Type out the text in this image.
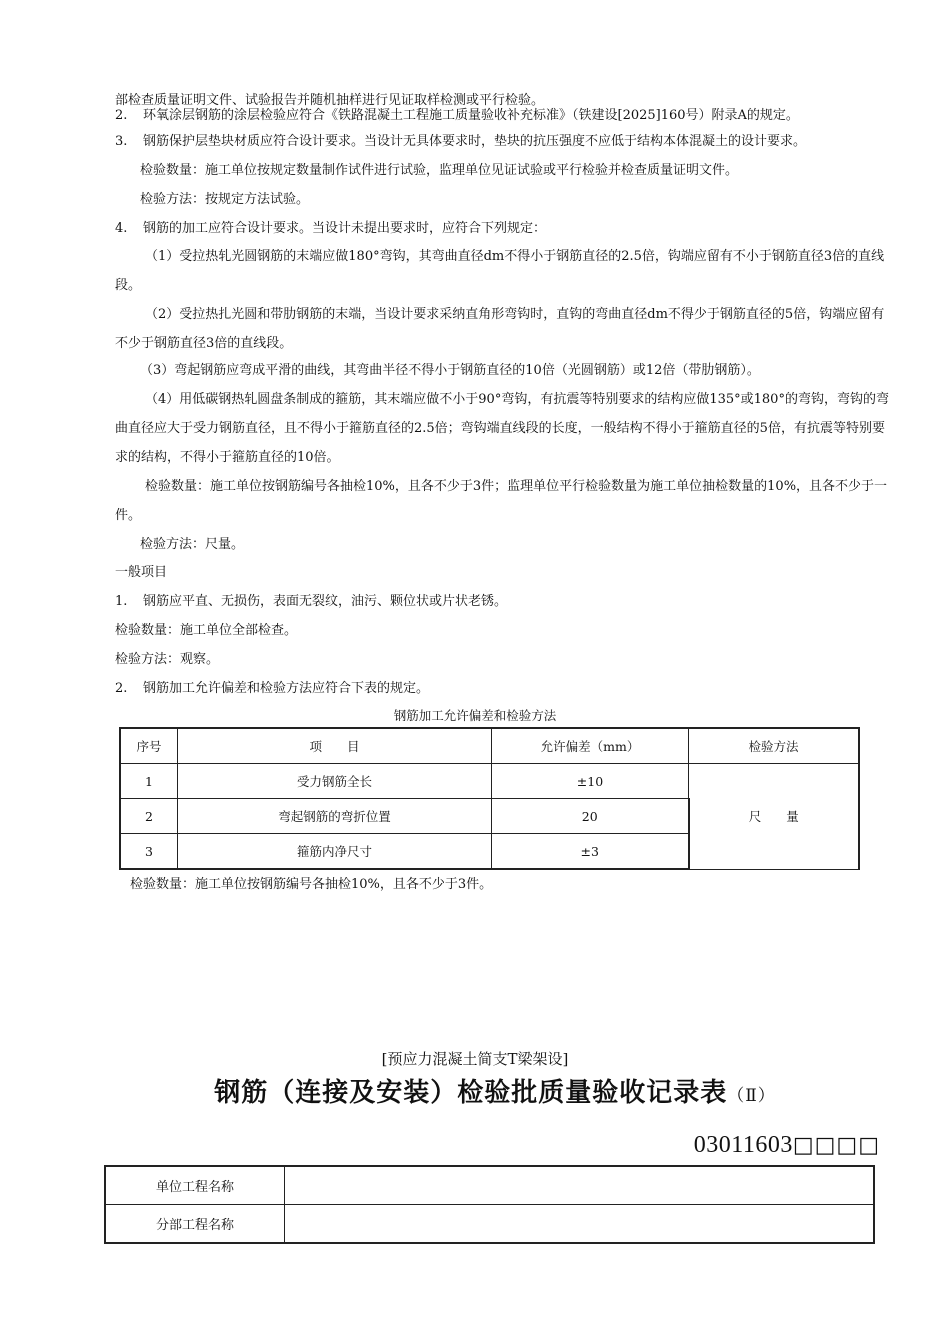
部检查质量证明文件、试验报告并随机抽样进行见证取样检测或平行检验。
2. 环氧涂层钢筋的涂层检验应符合《铁路混凝土工程施工质量验收补充标准》（铁建设[2025]160号）附录A的规定。
3. 钢筋保护层垫块材质应符合设计要求。当设计无具体要求时，垫块的抗压强度不应低于结构本体混凝土的设计要求。
检验数量：施工单位按规定数量制作试件进行试验，监理单位见证试验或平行检验并检查质量证明文件。
检验方法：按规定方法试验。
4. 钢筋的加工应符合设计要求。当设计未提出要求时，应符合下列规定：
（1）受拉热轧光圆钢筋的末端应做180°弯钩，其弯曲直径dm不得小于钢筋直径的2.5倍，钩端应留有不小于钢筋直径3倍的直线段。
（2）受拉热扎光圆和带肋钢筋的末端，当设计要求采纳直角形弯钩时，直钩的弯曲直径dm不得少于钢筋直径的5倍，钩端应留有不少于钢筋直径3倍的直线段。
（3）弯起钢筋应弯成平滑的曲线，其弯曲半径不得小于钢筋直径的10倍（光圆钢筋）或12倍（带肋钢筋）。
（4）用低碳钢热轧圆盘条制成的箍筋，其末端应做不小于90°弯钩，有抗震等特别要求的结构应做135°或180°的弯钩，弯钩的弯曲直径应大于受力钢筋直径，且不得小于箍筋直径的2.5倍；弯钩端直线段的长度，一般结构不得小于箍筋直径的5倍，有抗震等特别要求的结构，不得小于箍筋直径的10倍。
检验数量：施工单位按钢筋编号各抽检10%，且各不少于3件；监理单位平行检验数量为施工单位抽检数量的10%，且各不少于一件。
检验方法：尺量。
一般项目
1. 钢筋应平直、无损伤，表面无裂纹，油污、颗位状或片状老锈。
检验数量：施工单位全部检查。
检验方法：观察。
2. 钢筋加工允许偏差和检验方法应符合下表的规定。
钢筋加工允许偏差和检验方法
序号	项　　目	允许偏差（mm）	检验方法
1	受力钢筋全长	±10	尺　　量
2	弯起钢筋的弯折位置	20	
3	箍筋内净尺寸	±3	
检验数量：施工单位按钢筋编号各抽检10%，且各不少于3件。
[预应力混凝土简支T梁架设]
钢筋（连接及安装）检验批质量验收记录表（Ⅱ）
03011603□□□□
单位工程名称	
分部工程名称	
